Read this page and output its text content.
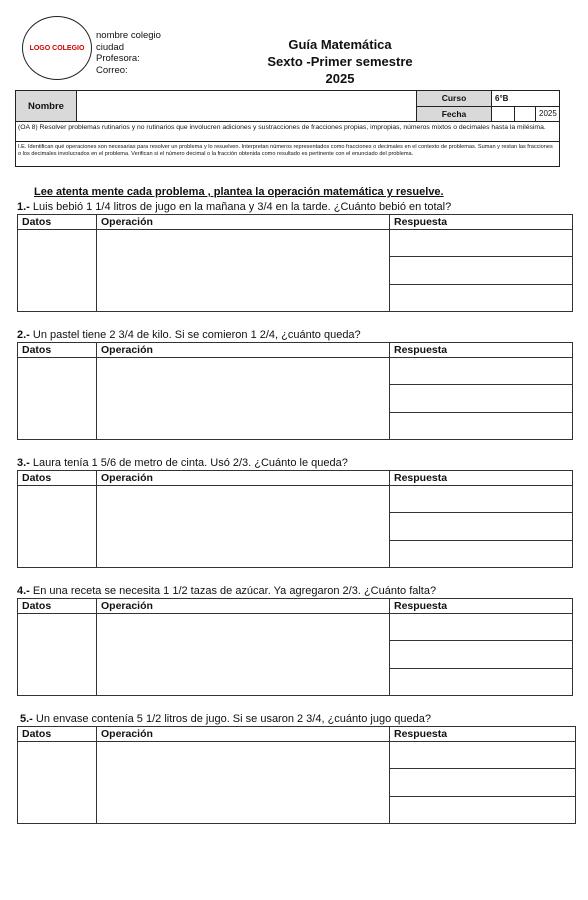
LOGO COLEGIO
nombre colegio
ciudad
Profesora:
Correo:
Guía Matemática
Sexto -Primer semestre
2025
Nombre
Curso	6°B
Fecha	2025
(OA 8) Resolver problemas rutinarios y no rutinarios que involucren adiciones y sustracciones de fracciones propias, impropias, números mixtos o decimales hasta la milésima.
I.E. Identifican qué operaciones son necesarias para resolver un problema y lo resuelven. Interpretan números representados como fracciones o decimales en el contexto de problemas. Suman y restan las fracciones o los decimales involucrados en el problema. Verifican si el número decimal o la fracción obtenida como resultado es pertinente con el enunciado del problema.
Lee atenta mente cada problema , plantea la operación matemática y resuelve.
1.- Luis bebió 1 1/4 litros de jugo en la mañana y 3/4 en la tarde. ¿Cuánto bebió en total?
Datos	Operación	Respuesta
2.- Un pastel tiene 2 3/4 de kilo. Si se comieron 1 2/4, ¿cuánto queda?
Datos	Operación	Respuesta
3.- Laura tenía 1 5/6 de metro de cinta. Usó 2/3. ¿Cuánto le queda?
Datos	Operación	Respuesta
4.- En una receta se necesita 1 1/2 tazas de azúcar. Ya agregaron 2/3. ¿Cuánto falta?
Datos	Operación	Respuesta
5.- Un envase contenía 5 1/2 litros de jugo. Si se usaron 2 3/4, ¿cuánto jugo queda?
Datos	Operación	Respuesta
